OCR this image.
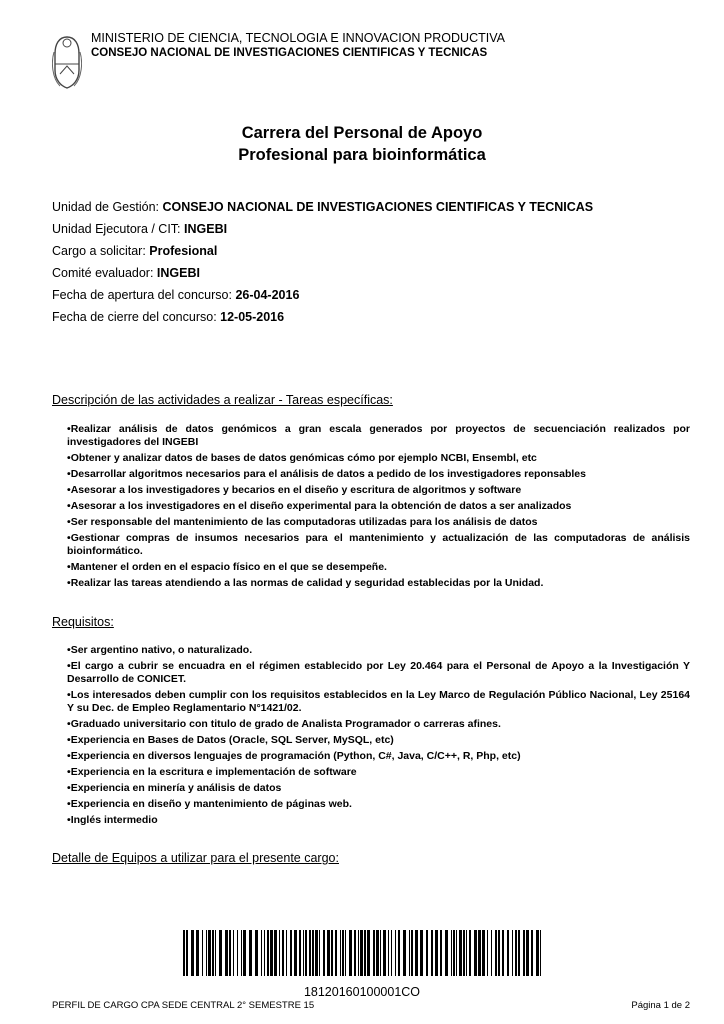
MINISTERIO DE CIENCIA, TECNOLOGIA E INNOVACION PRODUCTIVA
CONSEJO NACIONAL DE INVESTIGACIONES CIENTIFICAS Y TECNICAS
Carrera del Personal de Apoyo
Profesional para bioinformática
Unidad de Gestión: CONSEJO NACIONAL DE INVESTIGACIONES CIENTIFICAS Y TECNICAS
Unidad Ejecutora / CIT: INGEBI
Cargo a solicitar: Profesional
Comité evaluador: INGEBI
Fecha de apertura del concurso: 26-04-2016
Fecha de cierre del concurso: 12-05-2016
Descripción de las actividades a realizar - Tareas específicas:
• Realizar análisis de datos genómicos a gran escala generados por proyectos de secuenciación realizados por investigadores del INGEBI
• Obtener y analizar datos de bases de datos genómicas cómo por ejemplo NCBI, Ensembl, etc
• Desarrollar algoritmos necesarios para el análisis de datos a pedido de los investigadores reponsables
• Asesorar a los investigadores y becarios en el diseño y escritura de algoritmos y software
• Asesorar a los investigadores en el diseño experimental para la obtención de datos a ser analizados
• Ser responsable del mantenimiento de las computadoras utilizadas para los análisis de datos
• Gestionar compras de insumos necesarios para el mantenimiento y actualización de las computadoras de análisis bioinformático.
• Mantener el orden en el espacio físico en el que se desempeñe.
• Realizar las tareas atendiendo a las normas de calidad y seguridad establecidas por la Unidad.
Requisitos:
• Ser argentino nativo, o naturalizado.
• El cargo a cubrir se encuadra en el régimen establecido por Ley 20.464 para el Personal de Apoyo a la Investigación Y Desarrollo de CONICET.
• Los interesados deben cumplir con los requisitos establecidos en la Ley Marco de Regulación Público Nacional, Ley 25164 Y su Dec. de Empleo Reglamentario N°1421/02.
• Graduado universitario con titulo de grado de Analista Programador o carreras afines.
• Experiencia en Bases de Datos (Oracle, SQL Server, MySQL, etc)
• Experiencia en diversos lenguajes de programación (Python, C#, Java, C/C++, R, Php, etc)
• Experiencia en la escritura e implementación de software
• Experiencia en minería y análisis de datos
• Experiencia en diseño y mantenimiento de páginas web.
• Inglés intermedio
Detalle de Equipos a utilizar para el presente cargo:
18120160100001CO
PERFIL DE CARGO CPA SEDE CENTRAL 2° SEMESTRE 15	Página 1 de 2
